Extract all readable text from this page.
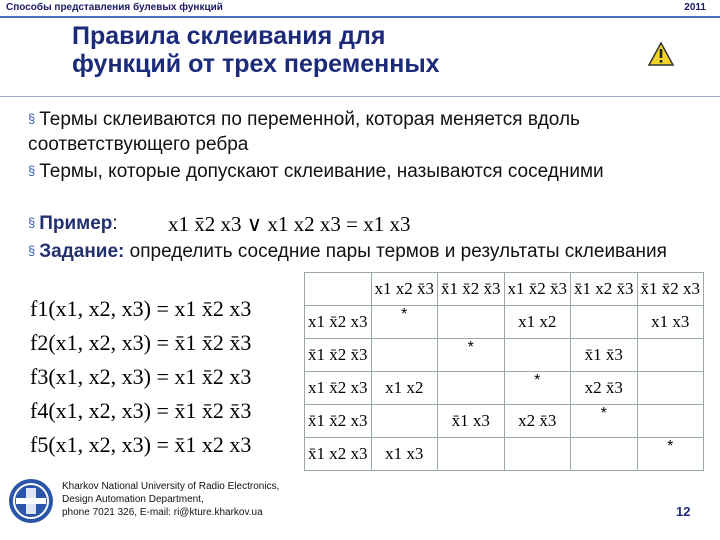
Способы представления булевых функций	2011
Правила склеивания для
функций от трех переменных
§ Термы склеиваются по переменной, которая меняется вдоль соответствующего ребра
§ Термы, которые допускают склеивание, называются соседними
§ Пример: x1 x̄2 x3 ∨ x1 x2 x3 = x1 x3
§ Задание: определить соседние пары термов и результаты склеивания
f1(x1, x2, x3) = x1 x̄2 x3
f2(x1, x2, x3) = x̄1 x̄2 x̄3
f3(x1, x2, x3) = x1 x̄2 x3
f4(x1, x2, x3) = x̄1 x̄2 x̄3
f5(x1, x2, x3) = x̄1 x2 x3
	x1 x2 x̄3	x̄1 x̄2 x̄3	x1 x̄2 x̄3	x̄1 x2 x̄3	x̄1 x̄2 x3
x1 x̄2 x3	*		x1 x2		x1 x3
x̄1 x̄2 x̄3		*		x̄1 x̄3	
x1 x̄2 x3	x1 x2		*	x2 x̄3	
x̄1 x̄2 x3		x̄1 x3	x2 x̄3	*	
x̄1 x2 x3	x1 x3				*
Kharkov National University of Radio Electronics,
Design Automation Department,
phone 7021 326, E-mail: ri@kture.kharkov.ua	12
